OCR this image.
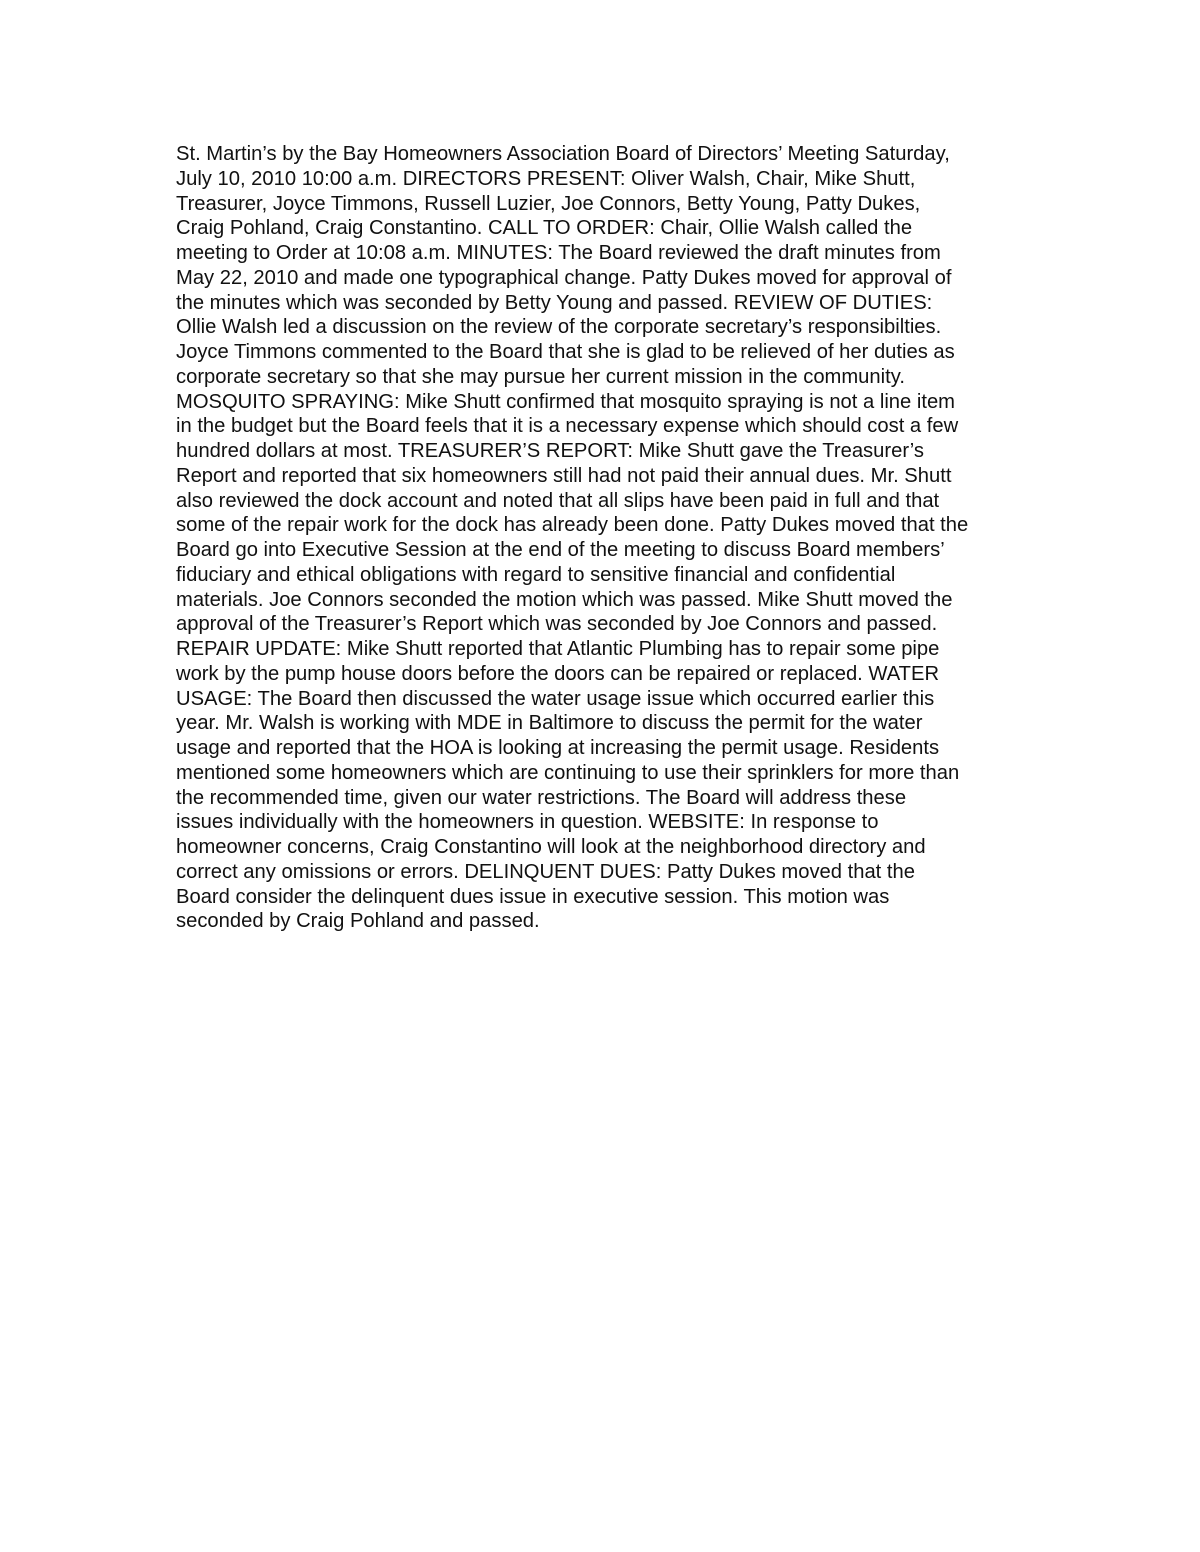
St. Martin’s by the Bay Homeowners Association Board of Directors’ Meeting Saturday,
July 10, 2010 10:00 a.m. DIRECTORS PRESENT: Oliver Walsh, Chair, Mike Shutt,
Treasurer, Joyce Timmons, Russell Luzier, Joe Connors, Betty Young, Patty Dukes,
Craig Pohland, Craig Constantino. CALL TO ORDER: Chair, Ollie Walsh called the
meeting to Order at 10:08 a.m. MINUTES: The Board reviewed the draft minutes from
May 22, 2010 and made one typographical change. Patty Dukes moved for approval of
the minutes which was seconded by Betty Young and passed. REVIEW OF DUTIES:
Ollie Walsh led a discussion on the review of the corporate secretary’s responsibilties.
Joyce Timmons commented to the Board that she is glad to be relieved of her duties as
corporate secretary so that she may pursue her current mission in the community.
MOSQUITO SPRAYING: Mike Shutt confirmed that mosquito spraying is not a line item
in the budget but the Board feels that it is a necessary expense which should cost a few
hundred dollars at most. TREASURER’S REPORT: Mike Shutt gave the Treasurer’s
Report and reported that six homeowners still had not paid their annual dues. Mr. Shutt
also reviewed the dock account and noted that all slips have been paid in full and that
some of the repair work for the dock has already been done. Patty Dukes moved that the
Board go into Executive Session at the end of the meeting to discuss Board members’
fiduciary and ethical obligations with regard to sensitive financial and confidential
materials. Joe Connors seconded the motion which was passed. Mike Shutt moved the
approval of the Treasurer’s Report which was seconded by Joe Connors and passed.
REPAIR UPDATE: Mike Shutt reported that Atlantic Plumbing has to repair some pipe
work by the pump house doors before the doors can be repaired or replaced. WATER
USAGE: The Board then discussed the water usage issue which occurred earlier this
year. Mr. Walsh is working with MDE in Baltimore to discuss the permit for the water
usage and reported that the HOA is looking at increasing the permit usage. Residents
mentioned some homeowners which are continuing to use their sprinklers for more than
the recommended time, given our water restrictions. The Board will address these
issues individually with the homeowners in question. WEBSITE: In response to
homeowner concerns, Craig Constantino will look at the neighborhood directory and
correct any omissions or errors. DELINQUENT DUES: Patty Dukes moved that the
Board consider the delinquent dues issue in executive session. This motion was
seconded by Craig Pohland and passed.
